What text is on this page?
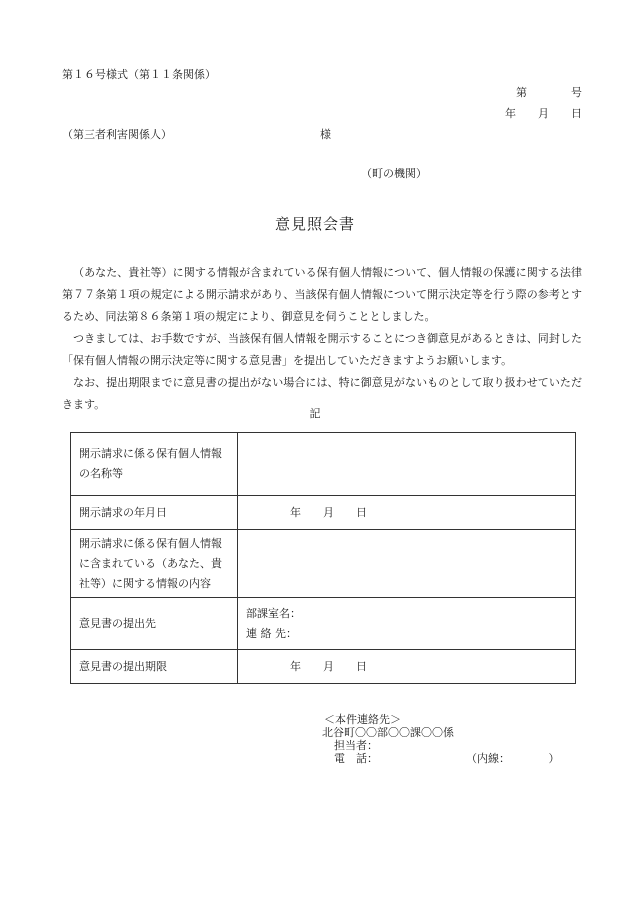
第１６号様式（第１１条関係）
第　　　　号
年　　月　　日
（第三者利害関係人）	様
（町の機関）
意見照会書

（あなた、貴社等）に関する情報が含まれている保有個人情報について、個人情報の保護に関する法律第７７条第１項の規定による開示請求があり、当該保有個人情報について開示決定等を行う際の参考とするため、同法第８６条第１項の規定により、御意見を伺うこととしました。

つきましては、お手数ですが、当該保有個人情報を開示することにつき御意見があるときは、同封した「保有個人情報の開示決定等に関する意見書」を提出していただきますようお願いします。

なお、提出期限までに意見書の提出がない場合には、特に御意見がないものとして取り扱わせていただきます。

記
開示請求に係る保有個人情報の名称等	
開示請求の年月日	年　　月　　日
開示請求に係る保有個人情報に含まれている（あなた、貴社等）に関する情報の内容	
意見書の提出先	部課室名：
連 絡 先：

意見書の提出期限	年　　月　　日
＜本件連絡先＞
北谷町〇〇部〇〇課〇〇係
担当者：
電　話：	（内線：　　　　）
